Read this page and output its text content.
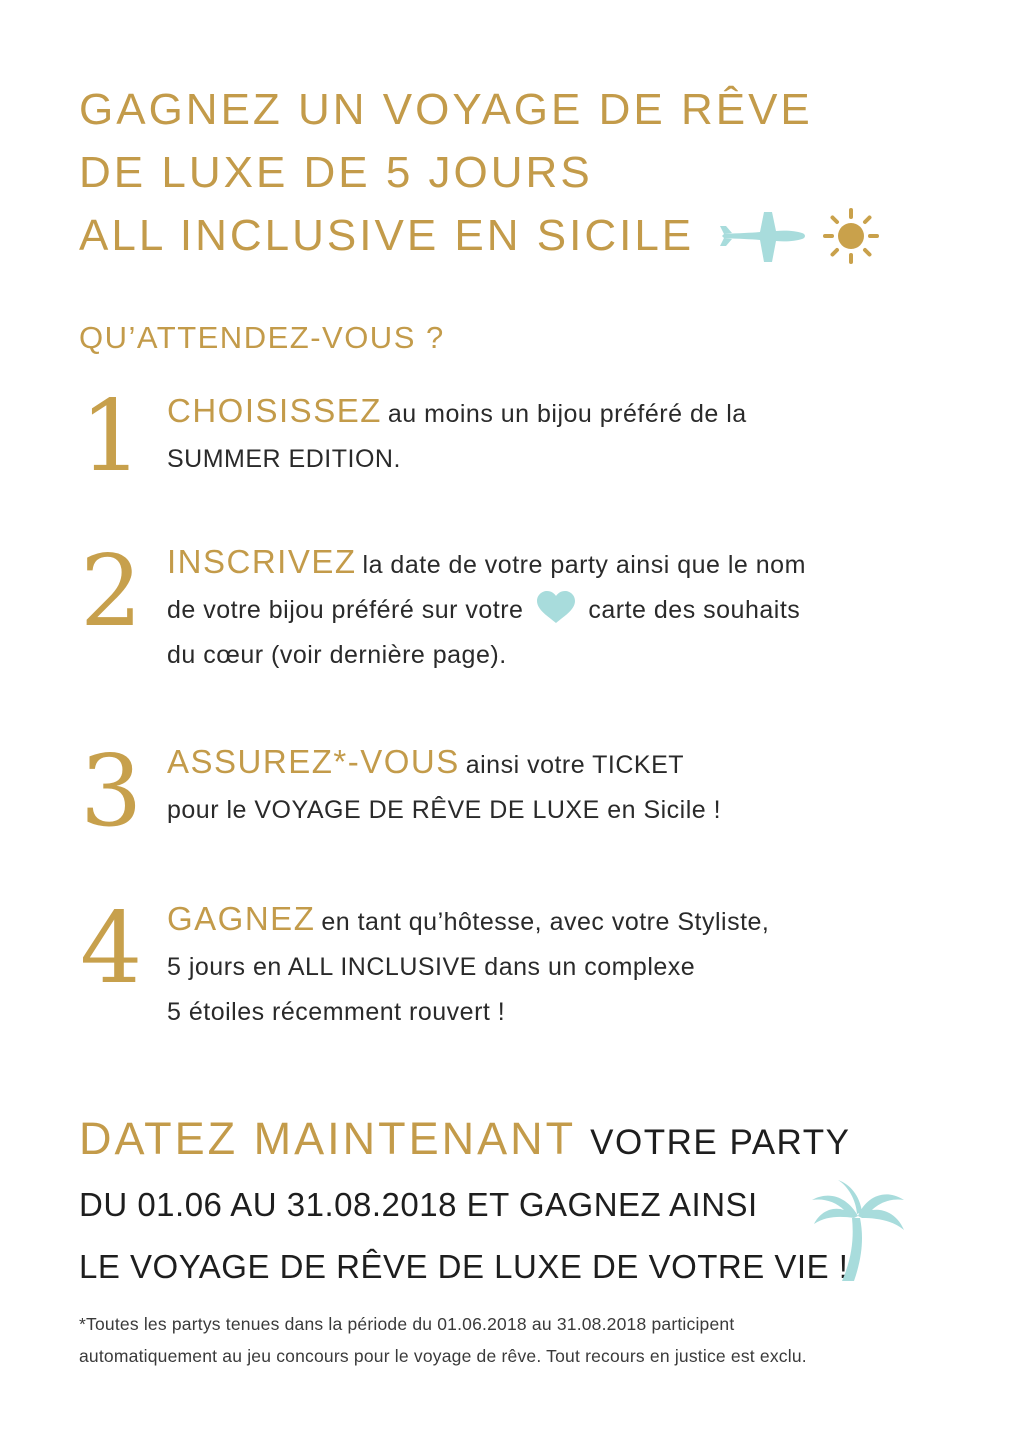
GAGNEZ UN VOYAGE DE RÊVE
DE LUXE DE 5 JOURS
ALL INCLUSIVE EN SICILE
QU’ATTENDEZ-VOUS ?
1 CHOISISSEZ au moins un bijou préféré de la
SUMMER EDITION.
2 INSCRIVEZ la date de votre party ainsi que le nom
de votre bijou préféré sur votre	carte des souhaits
du cœur (voir dernière page).
3 ASSUREZ*-VOUS ainsi votre TICKET
pour le VOYAGE DE RÊVE DE LUXE en Sicile !
4 GAGNEZ en tant qu’hôtesse, avec votre Styliste,
5 jours en ALL INCLUSIVE dans un complexe
5 étoiles récemment rouvert !
DATEZ MAINTENANT VOTRE PARTY
DU 01.06 AU 31.08.2018 ET GAGNEZ AINSI
LE VOYAGE DE RÊVE DE LUXE DE VOTRE VIE !
*Toutes les partys tenues dans la période du 01.06.2018 au 31.08.2018 participent
automatiquement au jeu concours pour le voyage de rêve. Tout recours en justice est exclu.
